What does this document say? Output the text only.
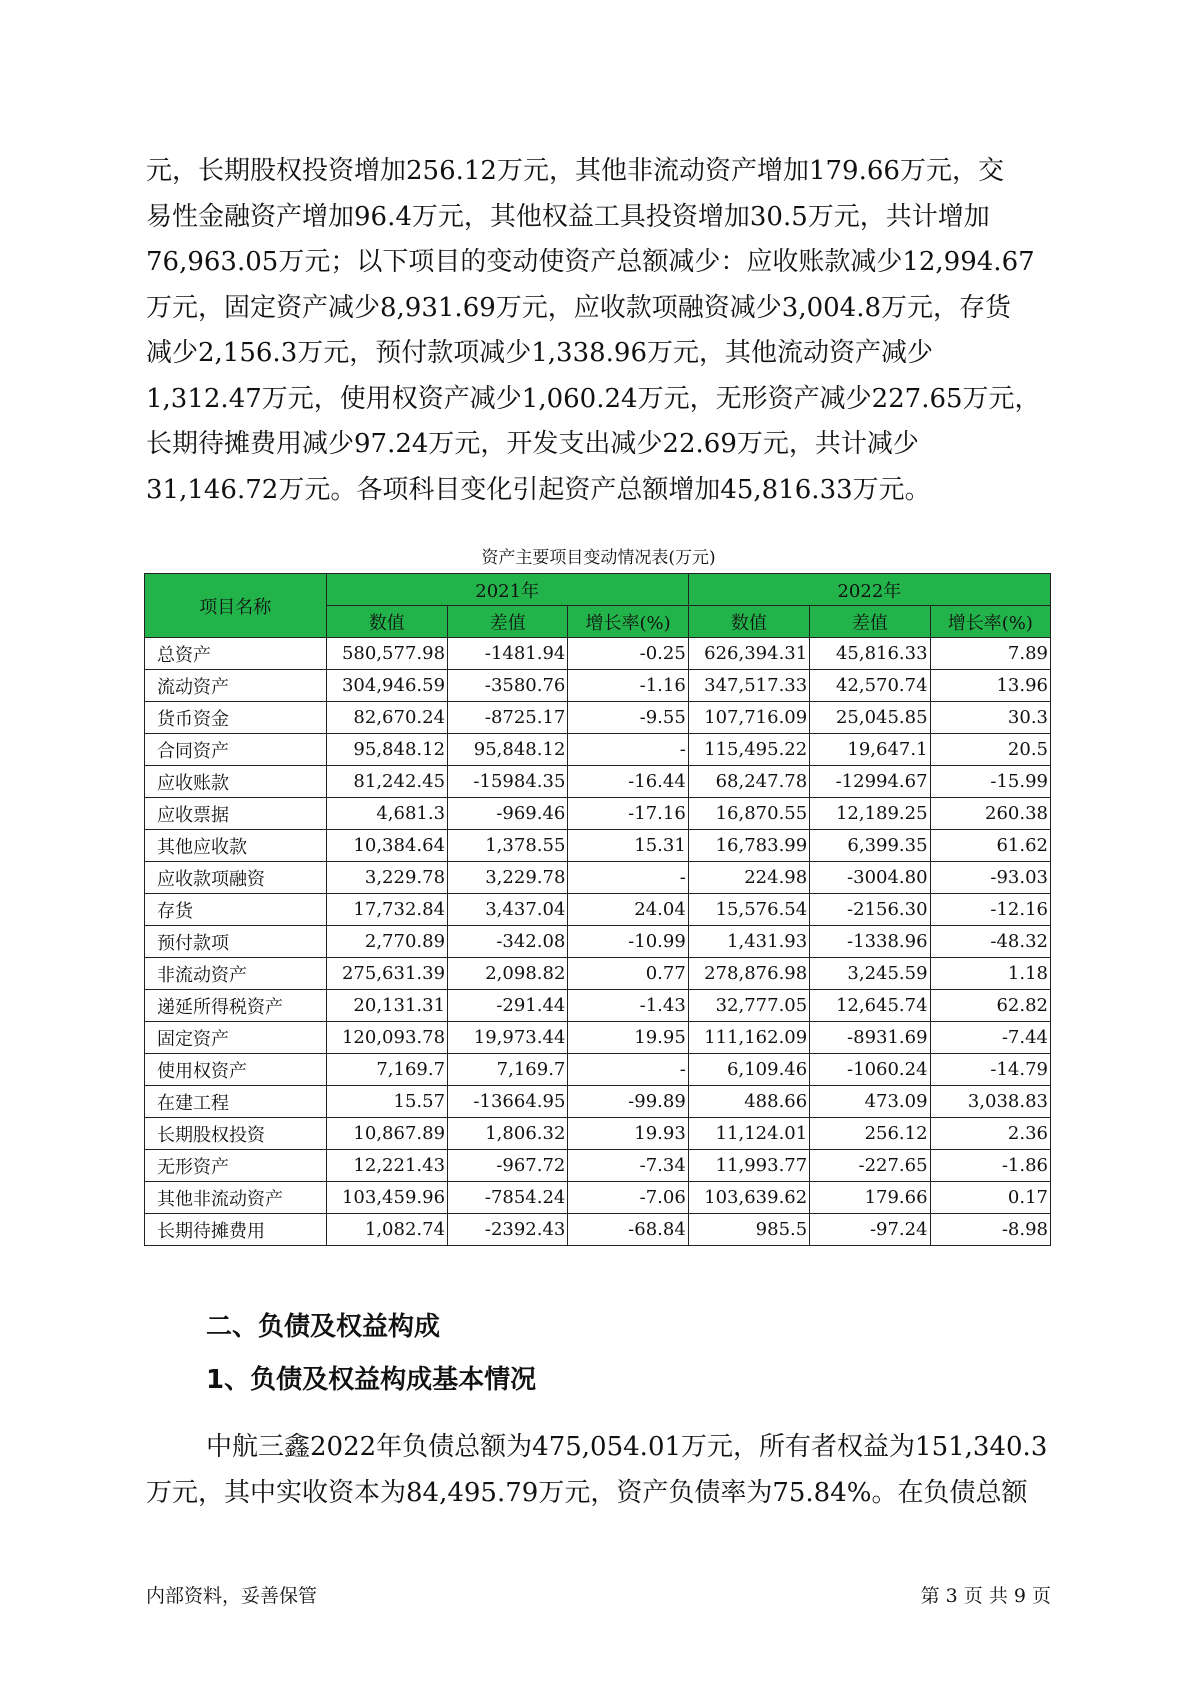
元，长期股权投资增加256.12万元，其他非流动资产增加179.66万元，交
易性金融资产增加96.4万元，其他权益工具投资增加30.5万元，共计增加
76,963.05万元；以下项目的变动使资产总额减少：应收账款减少12,994.67
万元，固定资产减少8,931.69万元，应收款项融资减少3,004.8万元，存货
减少2,156.3万元，预付款项减少1,338.96万元，其他流动资产减少
1,312.47万元，使用权资产减少1,060.24万元，无形资产减少227.65万元，
长期待摊费用减少97.24万元，开发支出减少22.69万元，共计减少
31,146.72万元。各项科目变化引起资产总额增加45,816.33万元。
资产主要项目变动情况表(万元)
项目名称	2021年			2022年		
	数值	差值	增长率(%)	数值	差值	增长率(%)
总资产	580,577.98	-1481.94	-0.25	626,394.31	45,816.33	7.89
流动资产	304,946.59	-3580.76	-1.16	347,517.33	42,570.74	13.96
货币资金	82,670.24	-8725.17	-9.55	107,716.09	25,045.85	30.3
合同资产	95,848.12	95,848.12	-	115,495.22	19,647.1	20.5
应收账款	81,242.45	-15984.35	-16.44	68,247.78	-12994.67	-15.99
应收票据	4,681.3	-969.46	-17.16	16,870.55	12,189.25	260.38
其他应收款	10,384.64	1,378.55	15.31	16,783.99	6,399.35	61.62
应收款项融资	3,229.78	3,229.78	-	224.98	-3004.80	-93.03
存货	17,732.84	3,437.04	24.04	15,576.54	-2156.30	-12.16
预付款项	2,770.89	-342.08	-10.99	1,431.93	-1338.96	-48.32
非流动资产	275,631.39	2,098.82	0.77	278,876.98	3,245.59	1.18
递延所得税资产	20,131.31	-291.44	-1.43	32,777.05	12,645.74	62.82
固定资产	120,093.78	19,973.44	19.95	111,162.09	-8931.69	-7.44
使用权资产	7,169.7	7,169.7	-	6,109.46	-1060.24	-14.79
在建工程	15.57	-13664.95	-99.89	488.66	473.09	3,038.83
长期股权投资	10,867.89	1,806.32	19.93	11,124.01	256.12	2.36
无形资产	12,221.43	-967.72	-7.34	11,993.77	-227.65	-1.86
其他非流动资产	103,459.96	-7854.24	-7.06	103,639.62	179.66	0.17
长期待摊费用	1,082.74	-2392.43	-68.84	985.5	-97.24	-8.98
二、负债及权益构成
1、负债及权益构成基本情况
中航三鑫2022年负债总额为475,054.01万元，所有者权益为151,340.3
万元，其中实收资本为84,495.79万元，资产负债率为75.84%。在负债总额
内部资料，妥善保管	第 3 页 共 9 页
